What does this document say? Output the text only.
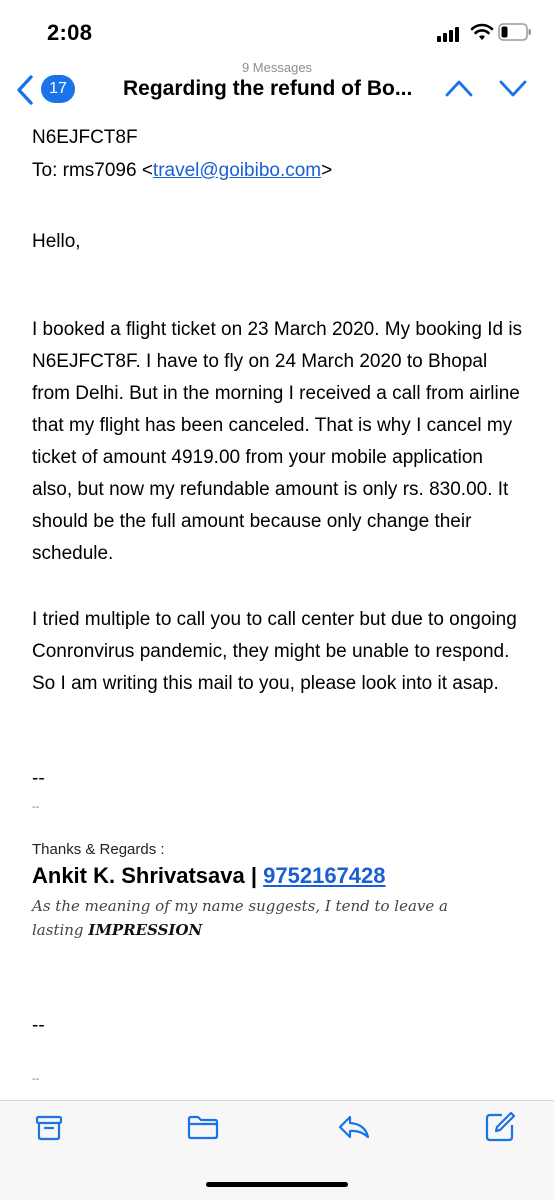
2:08
17
9 Messages
Regarding the refund of Bo...
N6EJFCT8F
To: rms7096 <travel@goibibo.com>
Hello,
I booked a flight ticket on 23 March 2020. My booking Id is N6EJFCT8F. I have to fly on 24 March 2020 to Bhopal from Delhi. But in the morning I received a call from airline that my flight has been canceled. That is why I cancel my ticket of amount 4919.00 from your mobile application also, but now my refundable amount is only rs. 830.00. It should be the full amount because only change their schedule.
I tried multiple to call you to call center but due to ongoing Conronvirus pandemic, they might be unable to respond. So I am writing this mail to you, please look into it asap.
--
--
Thanks & Regards :
Ankit K. Shrivatsava | 9752167428
As the meaning of my name suggests, I tend to leave a lasting IMPRESSION
--
--
